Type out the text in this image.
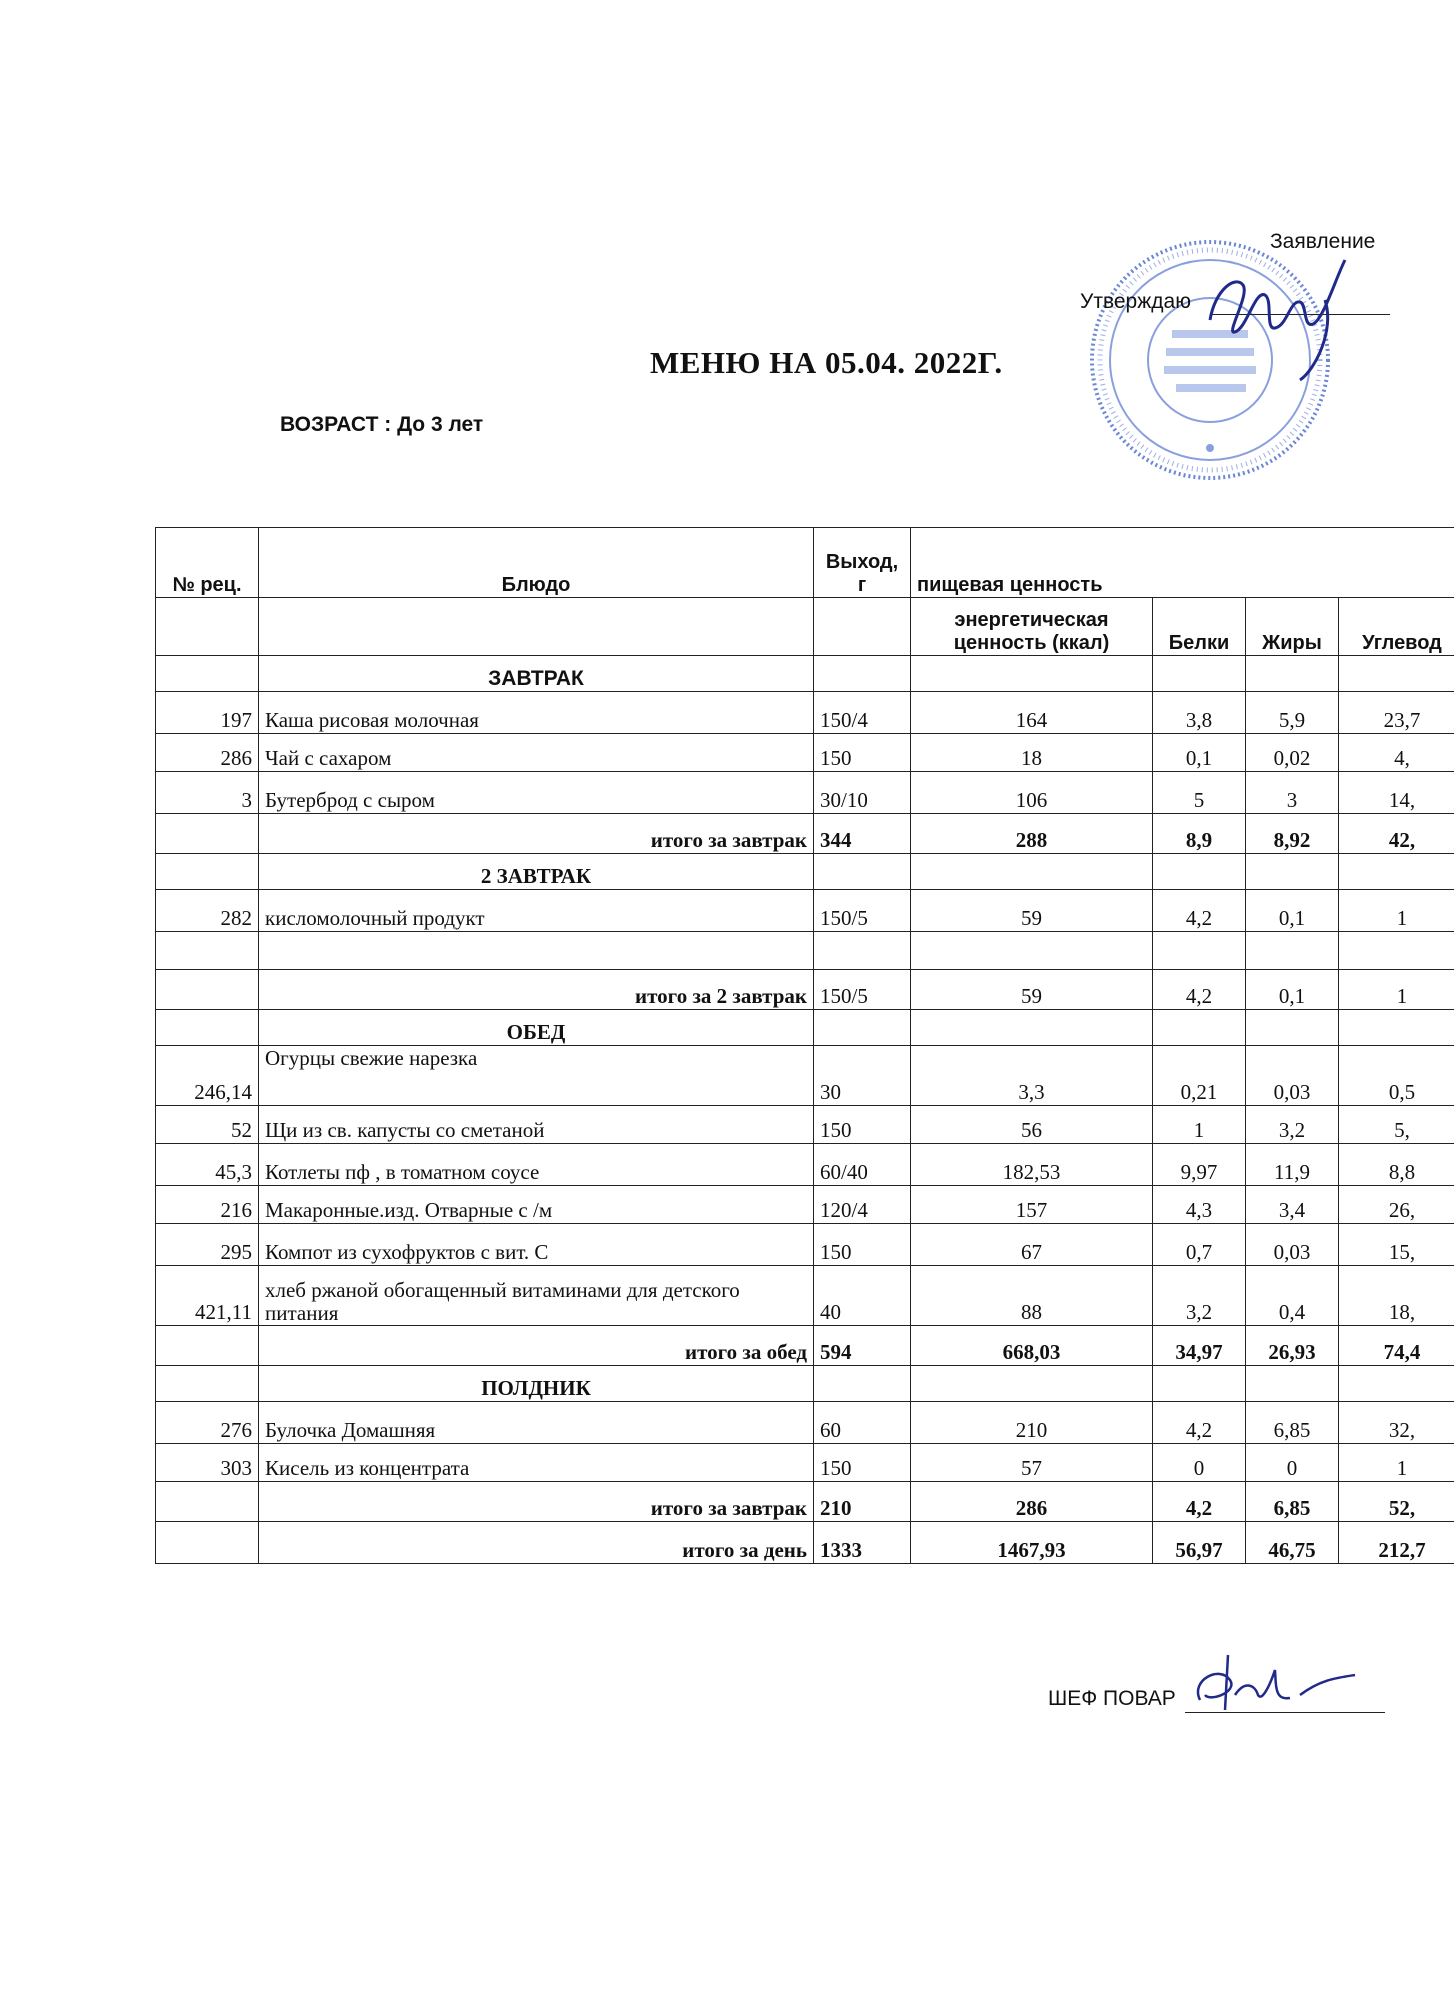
Заявление
Утверждаю
МЕНЮ НА 05.04. 2022Г.
ВОЗРАСТ : До 3 лет
№ рец.	Блюдо	Выход, г	пищевая ценность			
			энергетическая ценность (ккал)	Белки	Жиры	Углевод
	ЗАВТРАК					
197	Каша рисовая молочная	150/4	164	3,8	5,9	23,7
286	Чай с сахаром	150	18	0,1	0,02	4,
3	Бутерброд с сыром	30/10	106	5	3	14,
	итого за завтрак	344	288	8,9	8,92	42,
	2 ЗАВТРАК					
282	кисломолочный продукт	150/5	59	4,2	0,1	1

	итого за 2 завтрак	150/5	59	4,2	0,1	1
	ОБЕД					
246,14	Огурцы свежие нарезка	30	3,3	0,21	0,03	0,5
52	Щи из св. капусты со сметаной	150	56	1	3,2	5,
45,3	Котлеты пф , в томатном соусе	60/40	182,53	9,97	11,9	8,8
216	Макаронные.изд. Отварные с /м	120/4	157	4,3	3,4	26,
295	Компот из сухофруктов с вит. С	150	67	0,7	0,03	15,
421,11	хлеб ржаной обогащенный витаминами для детского питания	40	88	3,2	0,4	18,
	итого за обед	594	668,03	34,97	26,93	74,4
	ПОЛДНИК					
276	Булочка Домашняя	60	210	4,2	6,85	32,
303	Кисель из концентрата	150	57	0	0	1
	итого за завтрак	210	286	4,2	6,85	52,
	итого за день	1333	1467,93	56,97	46,75	212,7
ШЕФ ПОВАР
